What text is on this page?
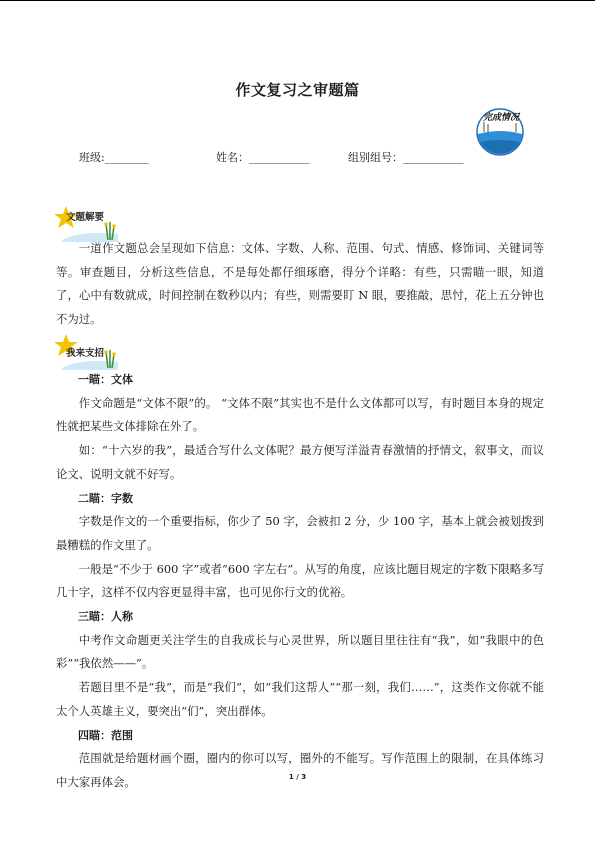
作文复习之审题篇
班级:________	姓名：___________	组别组号：___________
完成情况
文题解要

一道作文题总会呈现如下信息：文体、字数、人称、范围、句式、情感、修饰词、关键词等等。审查题目，分析这些信息，不是每处都仔细琢磨，得分个详略：有些，只需瞄一眼，知道了，心中有数就成，时间控制在数秒以内；有些，则需要盯 N 眼，要推敲，思忖，花上五分钟也不为过。

我来支招

一瞄：文体

作文命题是“文体不限”的。 “文体不限”其实也不是什么文体都可以写，有时题目本身的规定性就把某些文体排除在外了。

如：“十六岁的我”，最适合写什么文体呢？最方便写洋溢青春激情的抒情文，叙事文，而议论文、说明文就不好写。

二瞄：字数

字数是作文的一个重要指标，你少了 50 字，会被扣 2 分，少 100 字，基本上就会被划拨到最糟糕的作文里了。

一般是“不少于 600 字”或者“600 字左右”。从写的角度，应该比题目规定的字数下限略多写几十字，这样不仅内容更显得丰富，也可见你行文的优裕。

三瞄：人称

中考作文命题更关注学生的自我成长与心灵世界，所以题目里往往有“我”，如“我眼中的色彩”“我依然——”。

若题目里不是“我”，而是“我们”，如“我们这帮人”“那一刻，我们……”，这类作文你就不能太个人英雄主义，要突出“们”，突出群体。

四瞄：范围

范围就是给题材画个圈，圈内的你可以写，圈外的不能写。写作范围上的限制，在具体练习中大家再体会。	1 / 3
